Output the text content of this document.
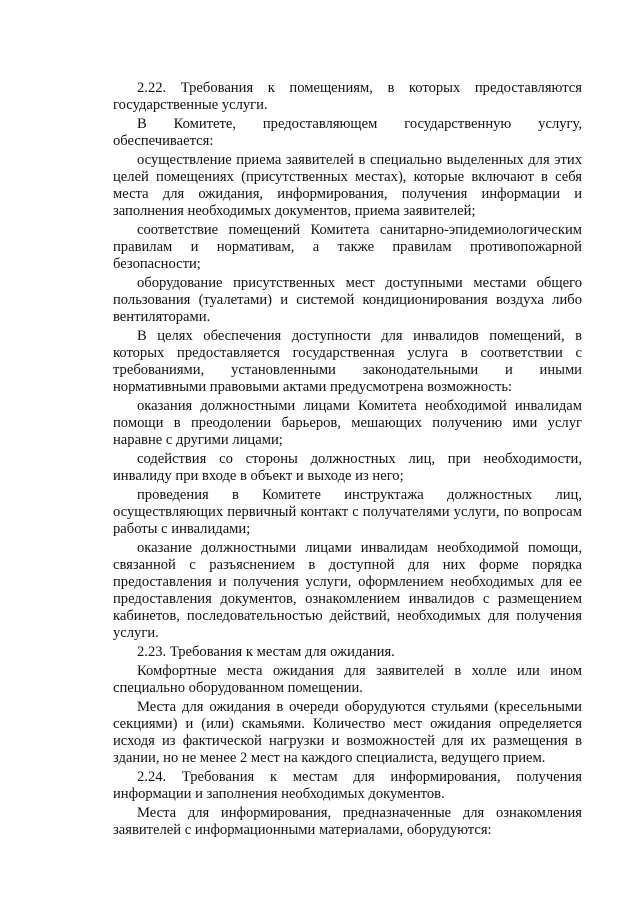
2.22. Требования к помещениям, в которых предоставляются государственные услуги.

В Комитете, предоставляющем государственную услугу, обеспечивается:

осуществление приема заявителей в специально выделенных для этих целей помещениях (присутственных местах), которые включают в себя места для ожидания, информирования, получения информации и заполнения необходимых документов, приема заявителей;

соответствие помещений Комитета санитарно-эпидемиологическим правилам и нормативам, а также правилам противопожарной безопасности;

оборудование присутственных мест доступными местами общего пользования (туалетами) и системой кондиционирования воздуха либо вентиляторами.

В целях обеспечения доступности для инвалидов помещений, в которых предоставляется государственная услуга в соответствии с требованиями, установленными законодательными и иными нормативными правовыми актами предусмотрена возможность:

оказания должностными лицами Комитета необходимой инвалидам помощи в преодолении барьеров, мешающих получению ими услуг наравне с другими лицами;

содействия со стороны должностных лиц, при необходимости, инвалиду при входе в объект и выходе из него;

проведения в Комитете инструктажа должностных лиц, осуществляющих первичный контакт с получателями услуги, по вопросам работы с инвалидами;

оказание должностными лицами инвалидам необходимой помощи, связанной с разъяснением в доступной для них форме порядка предоставления и получения услуги, оформлением необходимых для ее предоставления документов, ознакомлением инвалидов с размещением кабинетов, последовательностью действий, необходимых для получения услуги.

2.23. Требования к местам для ожидания.

Комфортные места ожидания для заявителей в холле или ином специально оборудованном помещении.

Места для ожидания в очереди оборудуются стульями (кресельными секциями) и (или) скамьями. Количество мест ожидания определяется исходя из фактической нагрузки и возможностей для их размещения в здании, но не менее 2 мест на каждого специалиста, ведущего прием.

2.24. Требования к местам для информирования, получения информации и заполнения необходимых документов.

Места для информирования, предназначенные для ознакомления заявителей с информационными материалами, оборудуются:
